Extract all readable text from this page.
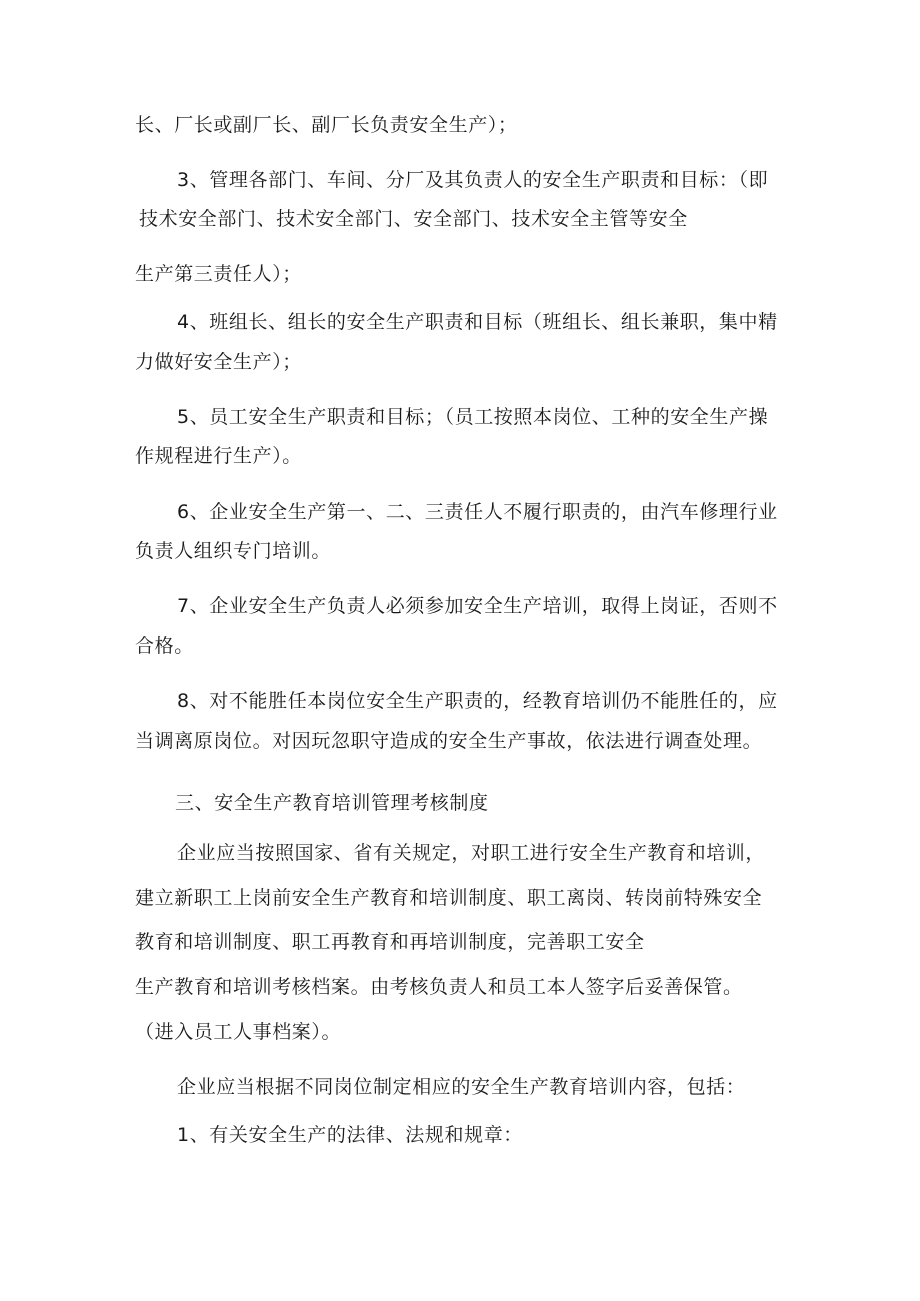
长、厂长或副厂长、副厂长负责安全生产）；
3、管理各部门、车间、分厂及其负责人的安全生产职责和目标：（即
技术安全部门、技术安全部门、安全部门、技术安全主管等安全
生产第三责任人）；
4、班组长、组长的安全生产职责和目标（班组长、组长兼职，集中精
力做好安全生产）；
5、员工安全生产职责和目标；（员工按照本岗位、工种的安全生产操
作规程进行生产）。
6、企业安全生产第一、二、三责任人不履行职责的，由汽车修理行业
负责人组织专门培训。
7、企业安全生产负责人必须参加安全生产培训，取得上岗证，否则不
合格。
8、对不能胜任本岗位安全生产职责的，经教育培训仍不能胜任的，应
当调离原岗位。对因玩忽职守造成的安全生产事故，依法进行调查处理。
三、安全生产教育培训管理考核制度
企业应当按照国家、省有关规定，对职工进行安全生产教育和培训，
建立新职工上岗前安全生产教育和培训制度、职工离岗、转岗前特殊安全
教育和培训制度、职工再教育和再培训制度，完善职工安全
生产教育和培训考核档案。由考核负责人和员工本人签字后妥善保管。
（进入员工人事档案）。
企业应当根据不同岗位制定相应的安全生产教育培训内容，包括：
1、有关安全生产的法律、法规和规章：
